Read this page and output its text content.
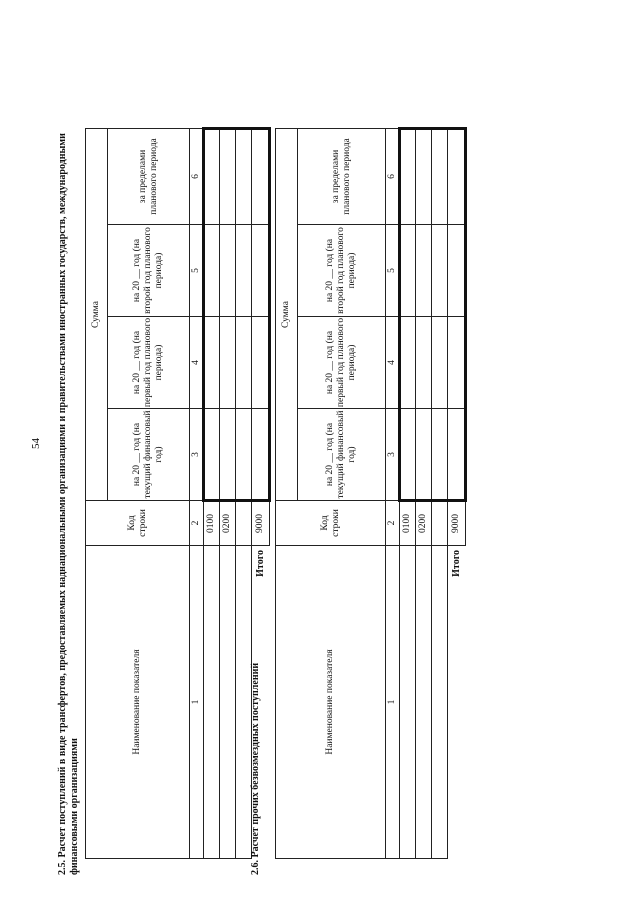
54 2.5. Расчет поступлений в виде трансфертов, предоставляемых наднациональными организациями и правительствами иностранных государств, международными финансовыми организациями
Наименование показателя	Код строки	Сумма			
		на 20 __ год (на текущий финансовый год)	на 20 __ год (на первый год планового периода)	на 20 __ год (на второй год планового периода)	за пределами планового периода
1	2	3	4	5	6
	0100				
	0200				

Итого	9000				
2.6. Расчет прочих безвозмездных поступлений	Наименование показателя	Код строки	Сумма			
		на 20 __ год (на текущий финансовый год)	на 20 __ год (на первый год планового периода)	на 20 __ год (на второй год планового периода)	за пределами планового периода
1	2	3	4	5	6
	0100				
	0200				

Итого	9000				
